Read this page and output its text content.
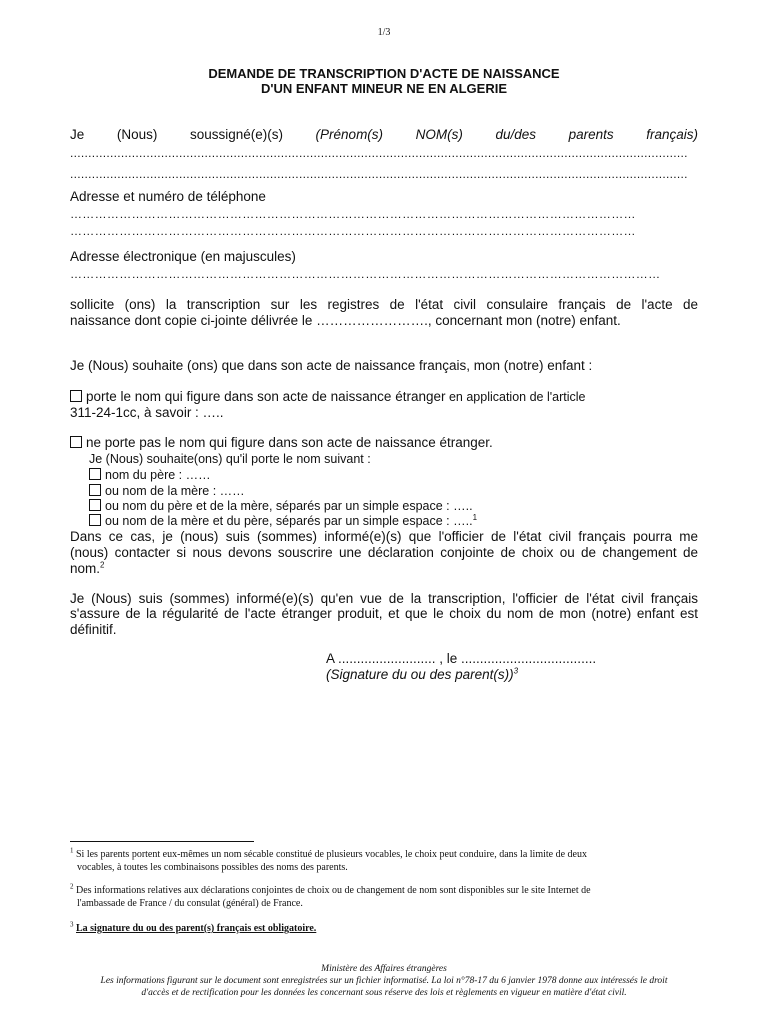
1/3
DEMANDE DE TRANSCRIPTION D'ACTE DE NAISSANCE
D'UN ENFANT MINEUR NE EN ALGERIE
Je (Nous) soussigné(e)(s) (Prénom(s) NOM(s) du/des parents français)
..........................................................................................................................................................................
..........................................................................................................................................................................
Adresse et numéro de téléphone
…………………………………………………………………………………………………………………………
…………………………………………………………………………………………………………………………
Adresse électronique (en majuscules)
………………………………………………………………………………………………………………………………
sollicite (ons) la transcription sur les registres de l'état civil consulaire français de l'acte de
naissance dont copie ci-jointe délivrée le ……………………., concernant mon (notre) enfant.
Je (Nous) souhaite (ons) que dans son acte de naissance français, mon (notre) enfant :
porte le nom qui figure dans son acte de naissance étranger en application de l'article
311-24-1cc, à savoir : …..
ne porte pas le nom qui figure dans son acte de naissance étranger.
Je (Nous) souhaite(ons) qu'il porte le nom suivant :
nom du père : ……
ou nom de la mère : ……
ou nom du père et de la mère, séparés par un simple espace : …..
ou nom de la mère et du père, séparés par un simple espace : …..$^1$
Dans ce cas, je (nous) suis (sommes) informé(e)(s) que l'officier de l'état civil français pourra me
(nous) contacter si nous devons souscrire une déclaration conjointe de choix ou de changement de
nom.$^2$
Je (Nous) suis (sommes) informé(e)(s) qu'en vue de la transcription, l'officier de l'état civil français
s'assure de la régularité de l'acte étranger produit, et que le choix du nom de mon (notre) enfant est
définitif.
A .......................... , le ....................................
(Signature du ou des parent(s))$^3$
$^1$ Si les parents portent eux-mêmes un nom sécable constitué de plusieurs vocables, le choix peut conduire, dans la limite de deux
vocables, à toutes les combinaisons possibles des noms des parents.
$^2$ Des informations relatives aux déclarations conjointes de choix ou de changement de nom sont disponibles sur le site Internet de
l'ambassade de France / du consulat (général) de France.
$^3$ La signature du ou des parent(s) français est obligatoire.
Ministère des Affaires étrangères
Les informations figurant sur le document sont enregistrées sur un fichier informatisé. La loi n°78-17 du 6 janvier 1978 donne aux intéressés le droit
d'accès et de rectification pour les données les concernant sous réserve des lois et règlements en vigueur en matière d'état civil.
